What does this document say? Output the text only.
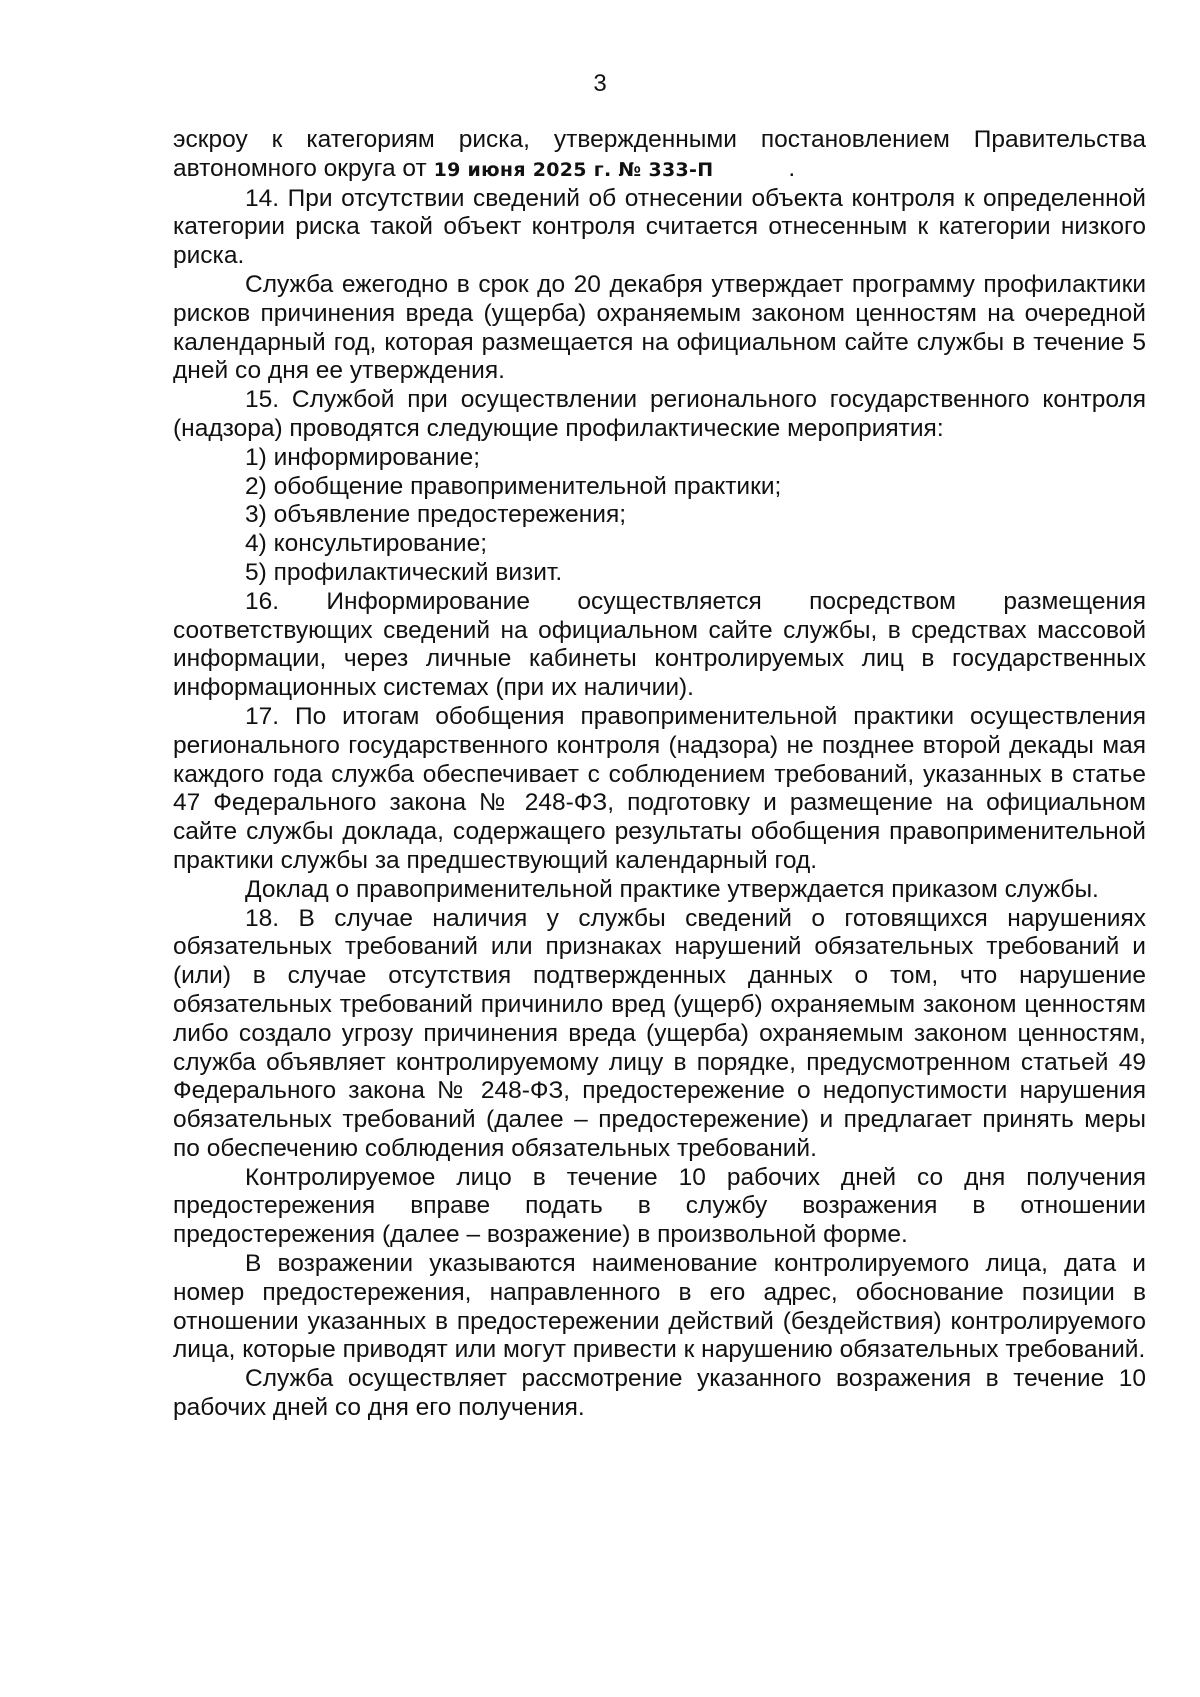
3

эскроу к категориям риска, утвержденными постановлением Правительства автономного округа от 19 июня 2025 г. № 333-П	.

14. При отсутствии сведений об отнесении объекта контроля к определенной категории риска такой объект контроля считается отнесенным к категории низкого риска.

Служба ежегодно в срок до 20 декабря утверждает программу профилактики рисков причинения вреда (ущерба) охраняемым законом ценностям на очередной календарный год, которая размещается на официальном сайте службы в течение 5 дней со дня ее утверждения.

15. Службой при осуществлении регионального государственного контроля (надзора) проводятся следующие профилактические мероприятия:

1) информирование;

2) обобщение правоприменительной практики;

3) объявление предостережения;

4) консультирование;

5) профилактический визит.

16. Информирование осуществляется посредством размещения соответствующих сведений на официальном сайте службы, в средствах массовой информации, через личные кабинеты контролируемых лиц в государственных информационных системах (при их наличии).

17. По итогам обобщения правоприменительной практики осуществления регионального государственного контроля (надзора) не позднее второй декады мая каждого года служба обеспечивает с соблюдением требований, указанных в статье 47 Федерального закона № 248-ФЗ, подготовку и размещение на официальном сайте службы доклада, содержащего результаты обобщения правоприменительной практики службы за предшествующий календарный год.

Доклад о правоприменительной практике утверждается приказом службы.

18. В случае наличия у службы сведений о готовящихся нарушениях обязательных требований или признаках нарушений обязательных требований и (или) в случае отсутствия подтвержденных данных о том, что нарушение обязательных требований причинило вред (ущерб) охраняемым законом ценностям либо создало угрозу причинения вреда (ущерба) охраняемым законом ценностям, служба объявляет контролируемому лицу в порядке, предусмотренном статьей 49 Федерального закона № 248-ФЗ, предостережение о недопустимости нарушения обязательных требований (далее – предостережение) и предлагает принять меры по обеспечению соблюдения обязательных требований.

Контролируемое лицо в течение 10 рабочих дней со дня получения предостережения вправе подать в службу возражения в отношении предостережения (далее – возражение) в произвольной форме.

В возражении указываются наименование контролируемого лица, дата и номер предостережения, направленного в его адрес, обоснование позиции в отношении указанных в предостережении действий (бездействия) контролируемого лица, которые приводят или могут привести к нарушению обязательных требований.

Служба осуществляет рассмотрение указанного возражения в течение 10 рабочих дней со дня его получения.
